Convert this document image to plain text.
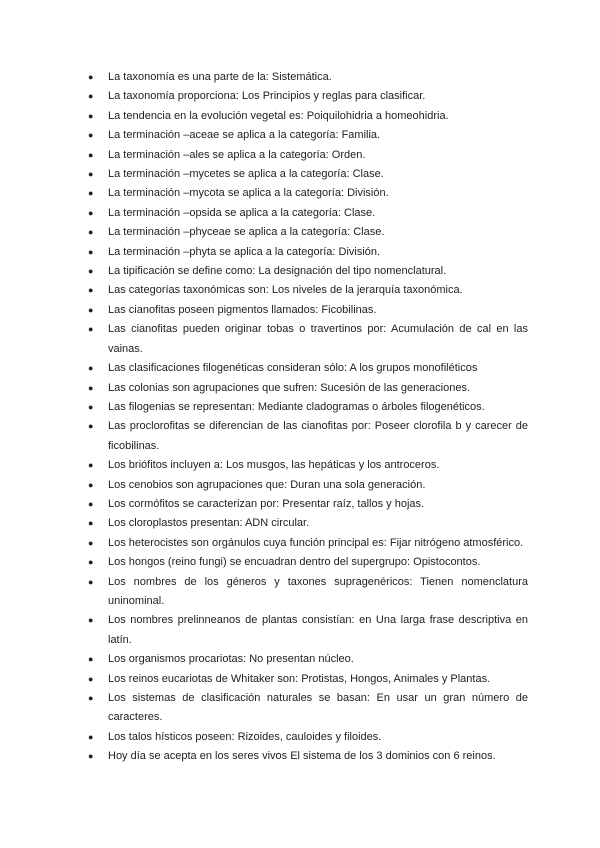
● La taxonomía es una parte de la: Sistemática.
● La taxonomía proporciona: Los Principios y reglas para clasificar.
● La tendencia en la evolución vegetal es: Poiquilohidria a homeohidria.
● La terminación –aceae se aplica a la categoría: Familia.
● La terminación –ales se aplica a la categoría: Orden.
● La terminación –mycetes se aplica a la categoría: Clase.
● La terminación –mycota se aplica a la categoría: División.
● La terminación –opsida se aplica a la categoría: Clase.
● La terminación –phyceae se aplica a la categoría: Clase.
● La terminación –phyta se aplica a la categoría: División.
● La tipificación se define como: La designación del tipo nomenclatural.
● Las categorías taxonómicas son: Los niveles de la jerarquía taxonómica.
● Las cianofitas poseen pigmentos llamados: Ficobilinas.
● Las cianofitas pueden originar tobas o travertinos por: Acumulación de cal en las vainas.
● Las clasificaciones filogenéticas consideran sólo: A los grupos monofiléticos
● Las colonias son agrupaciones que sufren: Sucesión de las generaciones.
● Las filogenias se representan: Mediante cladogramas o árboles filogenéticos.
● Las proclorofitas se diferencian de las cianofitas por: Poseer clorofila b y carecer de ficobilinas.
● Los briófitos incluyen a: Los musgos, las hepáticas y los antroceros.
● Los cenobios son agrupaciones que: Duran una sola generación.
● Los cormófitos se caracterizan por: Presentar raíz, tallos y hojas.
● Los cloroplastos presentan: ADN circular.
● Los heterocistes son orgánulos cuya función principal es: Fijar nitrógeno atmosférico.
● Los hongos (reino fungi) se encuadran dentro del supergrupo: Opistocontos.
● Los nombres de los géneros y taxones supragenéricos: Tienen nomenclatura uninominal.
● Los nombres prelinneanos de plantas consistían: en Una larga frase descriptiva en latín.
● Los organismos procariotas: No presentan núcleo.
● Los reinos eucariotas de Whitaker son: Protistas, Hongos, Animales y Plantas.
● Los sistemas de clasificación naturales se basan: En usar un gran número de caracteres.
● Los talos hísticos poseen: Rizoides, cauloides y filoides.
● Hoy día se acepta en los seres vivos El sistema de los 3 dominios con 6 reinos.
